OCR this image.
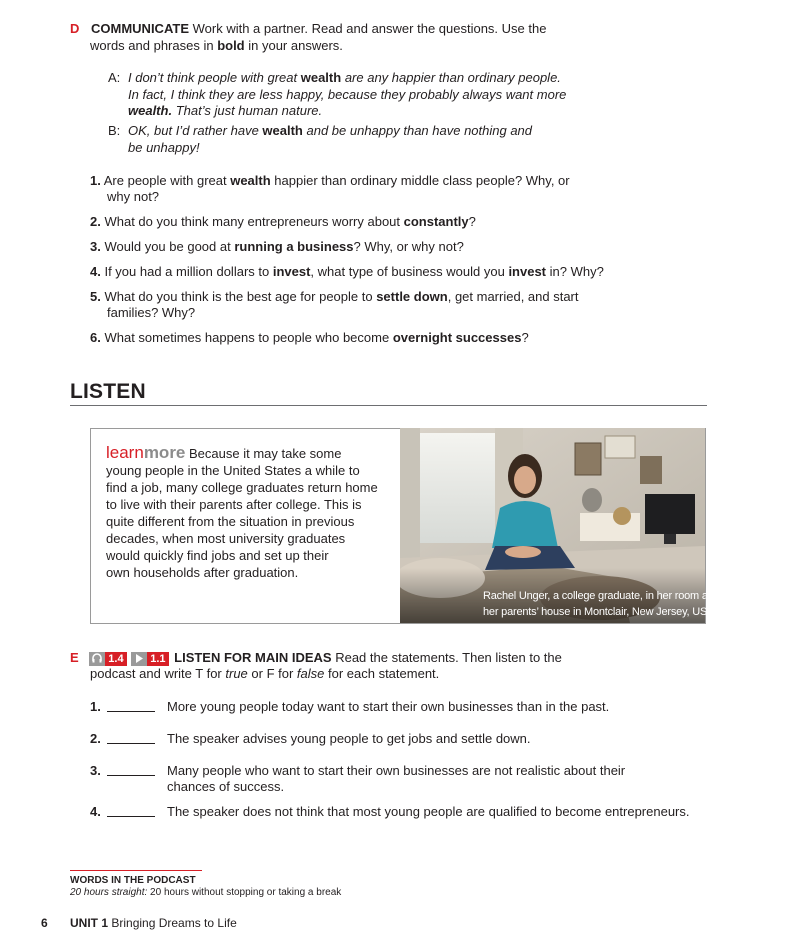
D COMMUNICATE Work with a partner. Read and answer the questions. Use the
words and phrases in bold in your answers.
A: I don’t think people with great wealth are any happier than ordinary people.
In fact, I think they are less happy, because they probably always want more
wealth. That’s just human nature.
B: OK, but I’d rather have wealth and be unhappy than have nothing and
be unhappy!
1. Are people with great wealth happier than ordinary middle class people? Why, or
why not?
2. What do you think many entrepreneurs worry about constantly?
3. Would you be good at running a business? Why, or why not?
4. If you had a million dollars to invest, what type of business would you invest in? Why?
5. What do you think is the best age for people to settle down, get married, and start
families? Why?
6. What sometimes happens to people who become overnight successes?
LISTEN
learnmore Because it may take some
young people in the United States a while to
find a job, many college graduates return home
to live with their parents after college. This is
quite different from the situation in previous
decades, when most university graduates
would quickly find jobs and set up their
own households after graduation.
Rachel Unger, a college graduate, in her room at
her parents’ house in Montclair, New Jersey, USA
E	1.4 1.1 LISTEN FOR MAIN IDEAS Read the statements. Then listen to the
podcast and write T for true or F for false for each statement.
1.	More young people today want to start their own businesses than in the past.
2.	The speaker advises young people to get jobs and settle down.
3.	Many people who want to start their own businesses are not realistic about their
chances of success.
4.	The speaker does not think that most young people are qualified to become entrepreneurs.
WORDS IN THE PODCAST
20 hours straight: 20 hours without stopping or taking a break
6 UNIT 1 Bringing Dreams to Life
